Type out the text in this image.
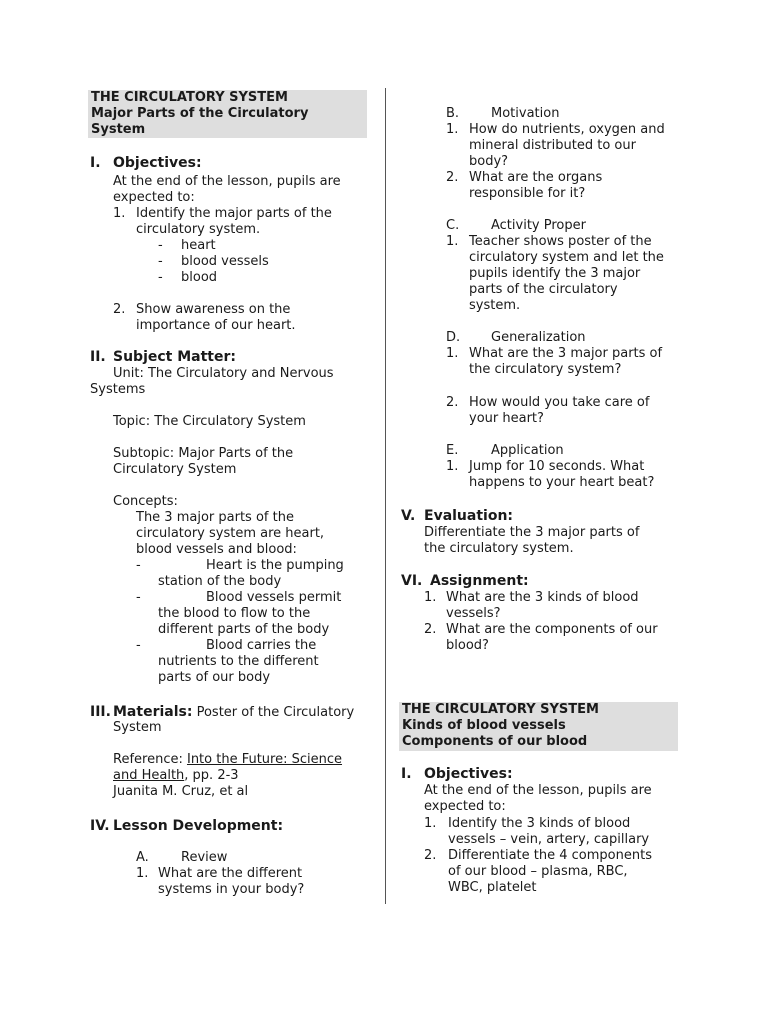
THE CIRCULATORY SYSTEM
Major Parts of the Circulatory
System
I. Objectives:
At the end of the lesson, pupils are
expected to:
1. Identify the major parts of the
circulatory system.
- heart
- blood vessels
- blood
2. Show awareness on the
importance of our heart.
II. Subject Matter:
Unit: The Circulatory and Nervous
Systems
Topic: The Circulatory System
Subtopic: Major Parts of the
Circulatory System
Concepts:
The 3 major parts of the
circulatory system are heart,
blood vessels and blood:
-	Heart is the pumping
station of the body
-	Blood vessels permit
the blood to flow to the
different parts of the body
-	Blood carries the
nutrients to the different
parts of our body
III. Materials: Poster of the Circulatory
System
Reference: Into the Future: Science
and Health, pp. 2-3
Juanita M. Cruz, et al
IV. Lesson Development:
A. Review
1. What are the different
systems in your body?
B. Motivation
1. How do nutrients, oxygen and
mineral distributed to our
body?
2. What are the organs
responsible for it?
C. Activity Proper
1. Teacher shows poster of the
circulatory system and let the
pupils identify the 3 major
parts of the circulatory
system.
D. Generalization
1. What are the 3 major parts of
the circulatory system?
2. How would you take care of
your heart?
E.	Application
1. Jump for 10 seconds. What
happens to your heart beat?
V. Evaluation:
Differentiate the 3 major parts of
the circulatory system.
VI. Assignment:
1. What are the 3 kinds of blood
vessels?
2. What are the components of our
blood?
THE CIRCULATORY SYSTEM
Kinds of blood vessels
Components of our blood
I. Objectives:
At the end of the lesson, pupils are
expected to:
1. Identify the 3 kinds of blood
vessels – vein, artery, capillary
2. Differentiate the 4 components
of our blood – plasma, RBC,
WBC, platelet
